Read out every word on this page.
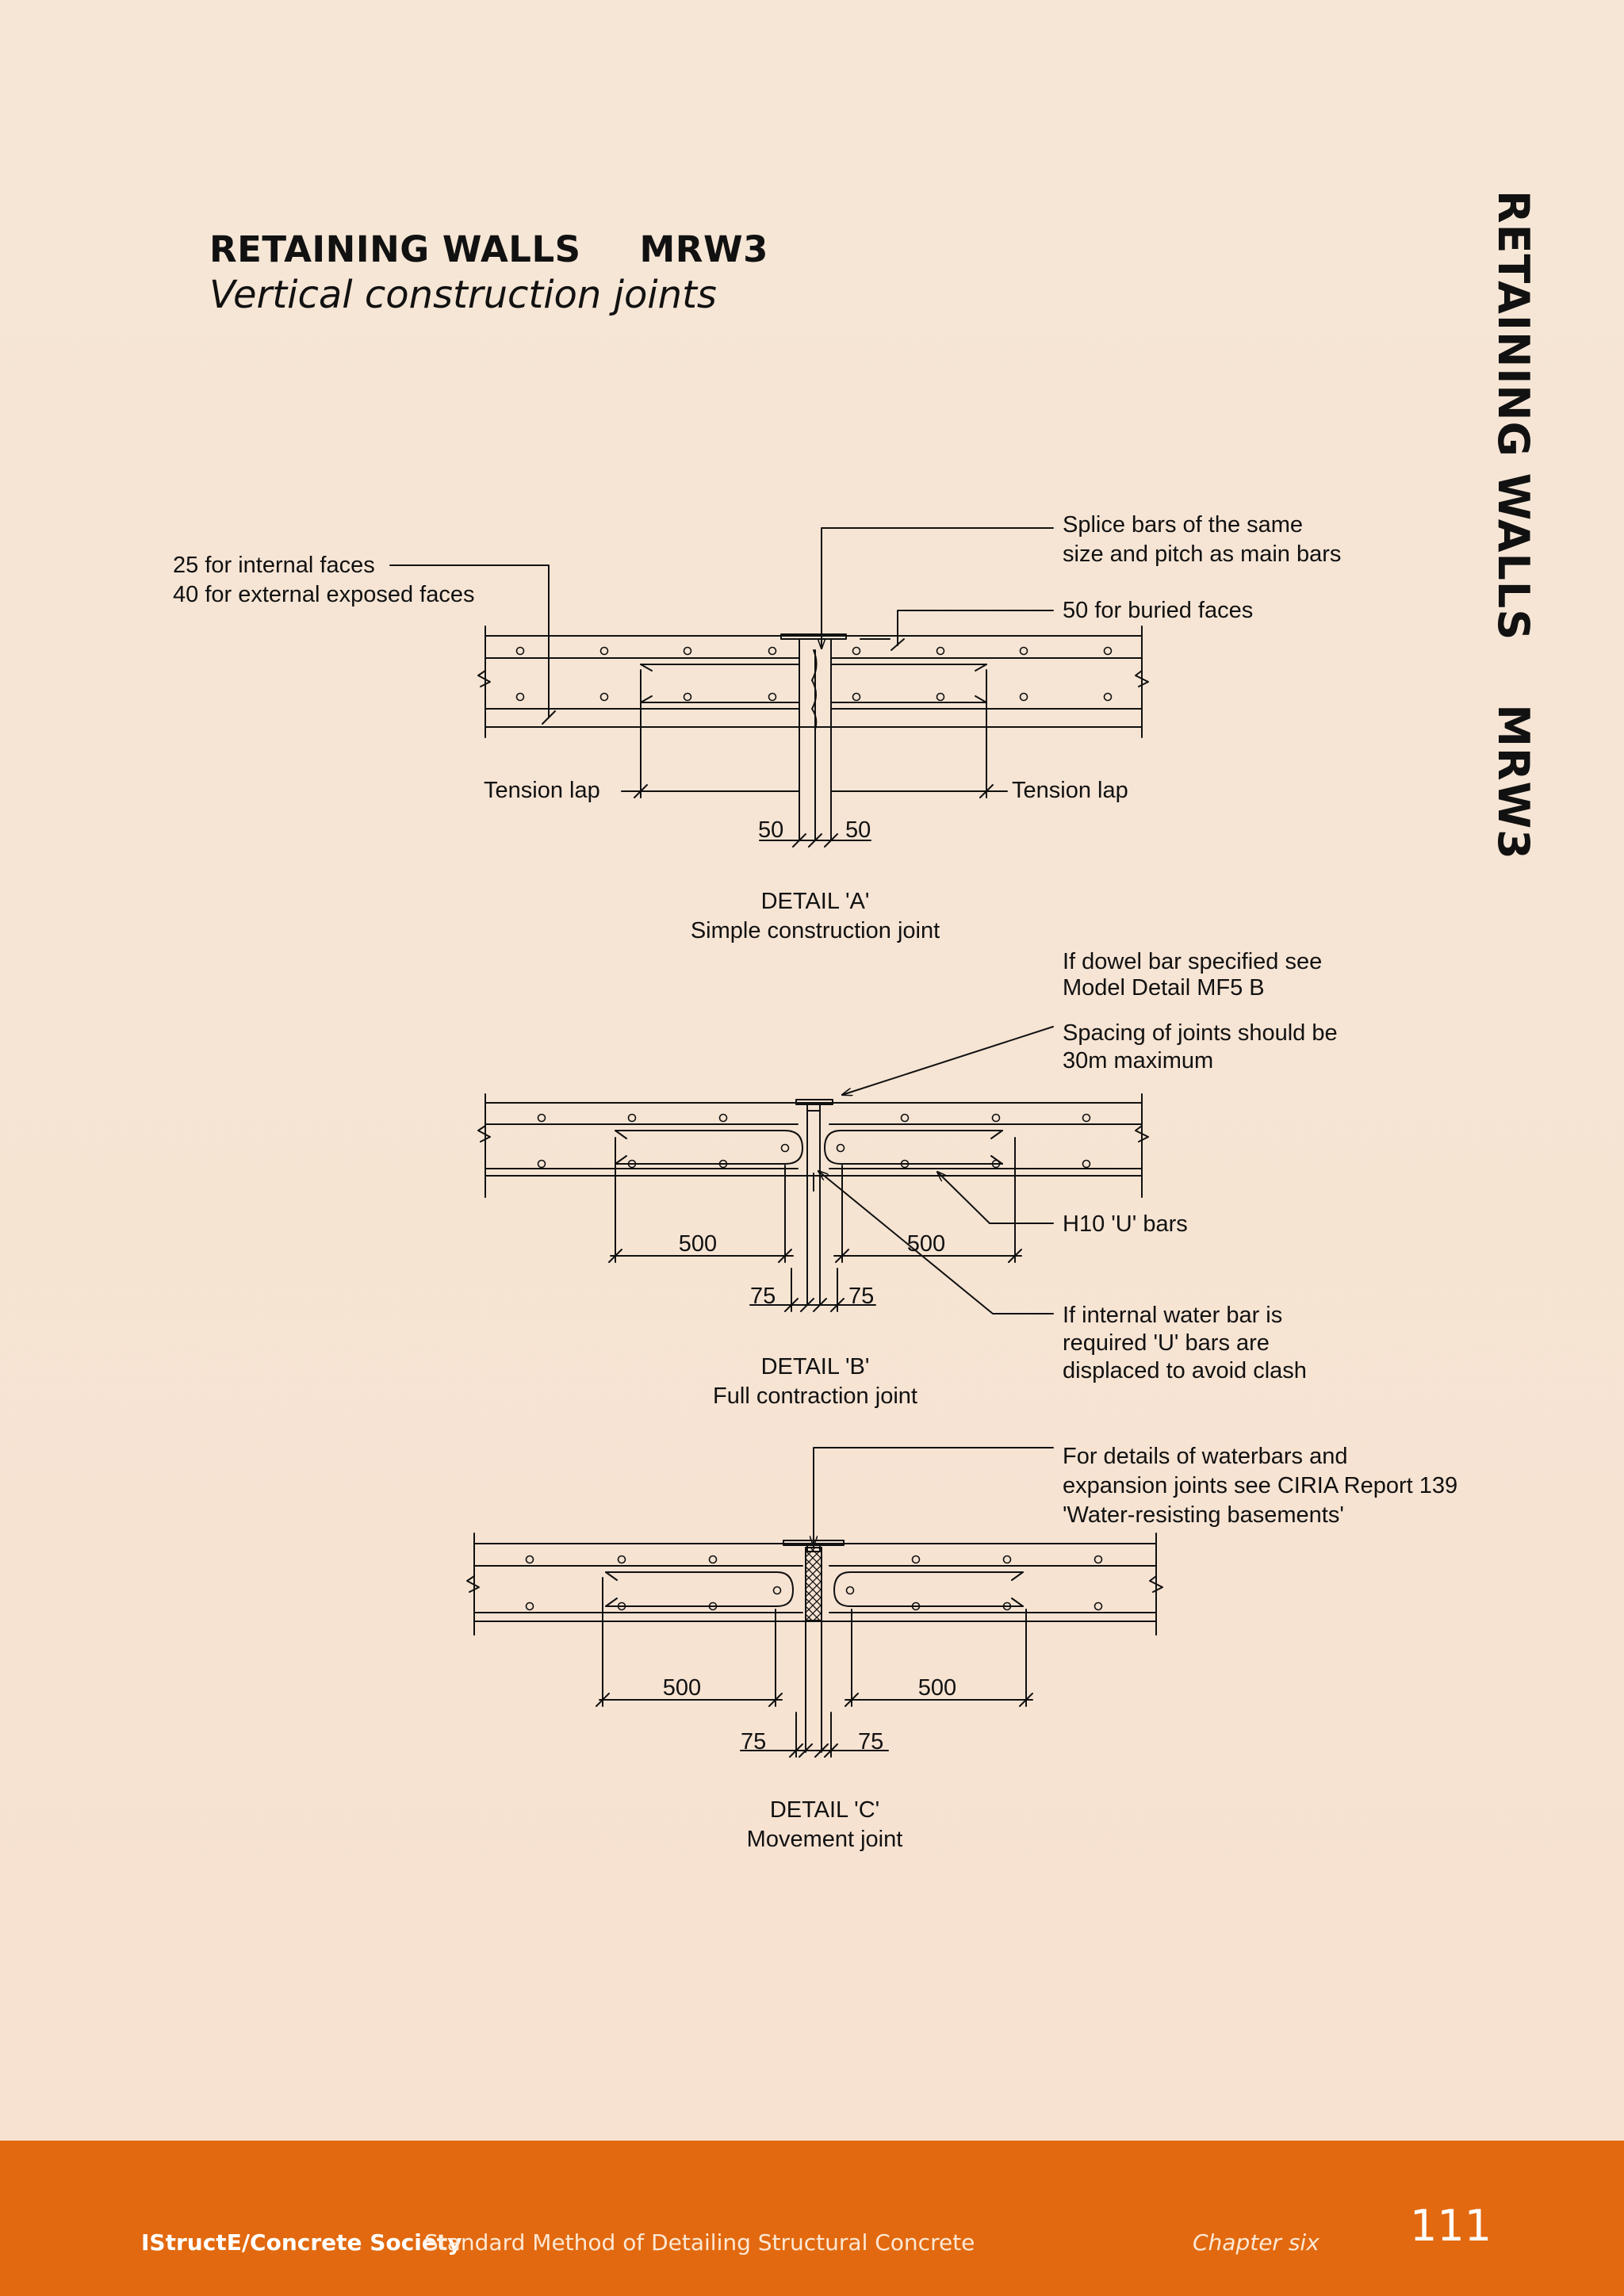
RETAINING WALLS MRW3
Vertical construction joints	RETAINING WALLSMRW3
25 for internal faces
40 for external exposed faces
Splice bars of the same
size and pitch as main bars
50 for buried faces
Tension lap	Tension lap
50	50
DETAIL 'A'
Simple construction joint
If dowel bar specified see
Model Detail MF5 B
Spacing of joints should be
30m maximum
H10 'U' bars
If internal water bar is
required 'U' bars are
displaced to avoid clash
500	500
75	75
DETAIL 'B'
Full contraction joint
For details of waterbars and
expansion joints see CIRIA Report 139
'Water-resisting basements'
500	500
75	75
DETAIL 'C'
Movement joint
IStructE/Concrete Society
Standard Method of Detailing Structural Concrete	Chapter six 111
